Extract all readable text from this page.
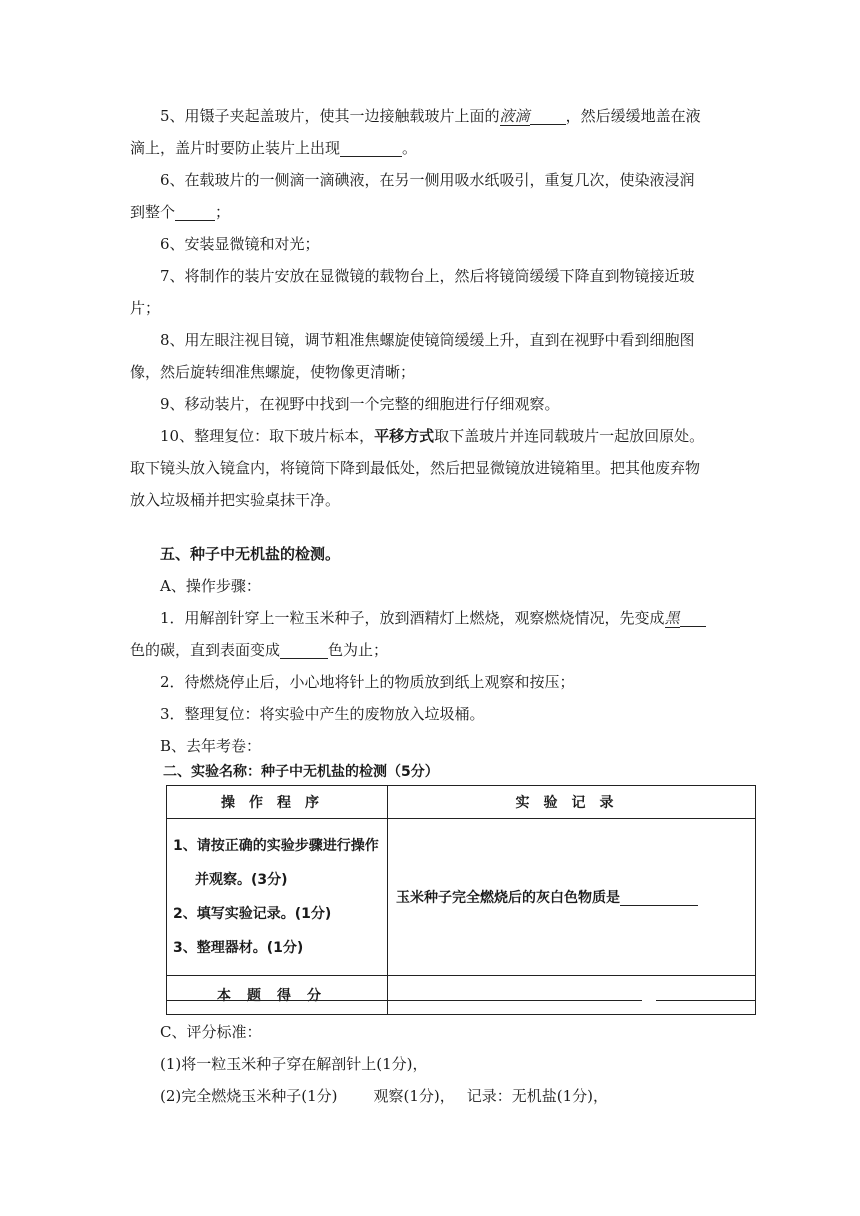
5、用镊子夹起盖玻片，使其一边接触载玻片上面的液滴 ，然后缓缓地盖在液

滴上，盖片时要防止装片上出现	。

6、在载玻片的一侧滴一滴碘液，在另一侧用吸水纸吸引，重复几次，使染液浸润

到整个	；

6、安装显微镜和对光；

7、将制作的装片安放在显微镜的载物台上，然后将镜筒缓缓下降直到物镜接近玻

片；

8、用左眼注视目镜，调节粗准焦螺旋使镜筒缓缓上升，直到在视野中看到细胞图

像，然后旋转细准焦螺旋，使物像更清晰；

9、移动装片，在视野中找到一个完整的细胞进行仔细观察。

10、整理复位：取下玻片标本，平移方式取下盖玻片并连同载玻片一起放回原处。

取下镜头放入镜盒内，将镜筒下降到最低处，然后把显微镜放进镜箱里。把其他废弃物

放入垃圾桶并把实验桌抹干净。

五、种子中无机盐的检测。

A、操作步骤：

1．用解剖针穿上一粒玉米种子，放到酒精灯上燃烧，观察燃烧情况，先变成黑

色的碳，直到表面变成	色为止；

2．待燃烧停止后，小心地将针上的物质放到纸上观察和按压；

3．整理复位：将实验中产生的废物放入垃圾桶。

B、去年考卷：

二、实验名称：种子中无机盐的检测（5分）

操作程序	实验记录

1、请按正确的实验步骤进行操作
并观察。(3分)
2、填写实验记录。(1分)
3、整理器材。(1分)	玉米种子完全燃烧后的灰白色物质是
本题得分	

C、评分标准：

(1)将一粒玉米种子穿在解剖针上(1分)，

(2)完全燃烧玉米种子(1分) 观察(1分)， 记录：无机盐(1分)，
